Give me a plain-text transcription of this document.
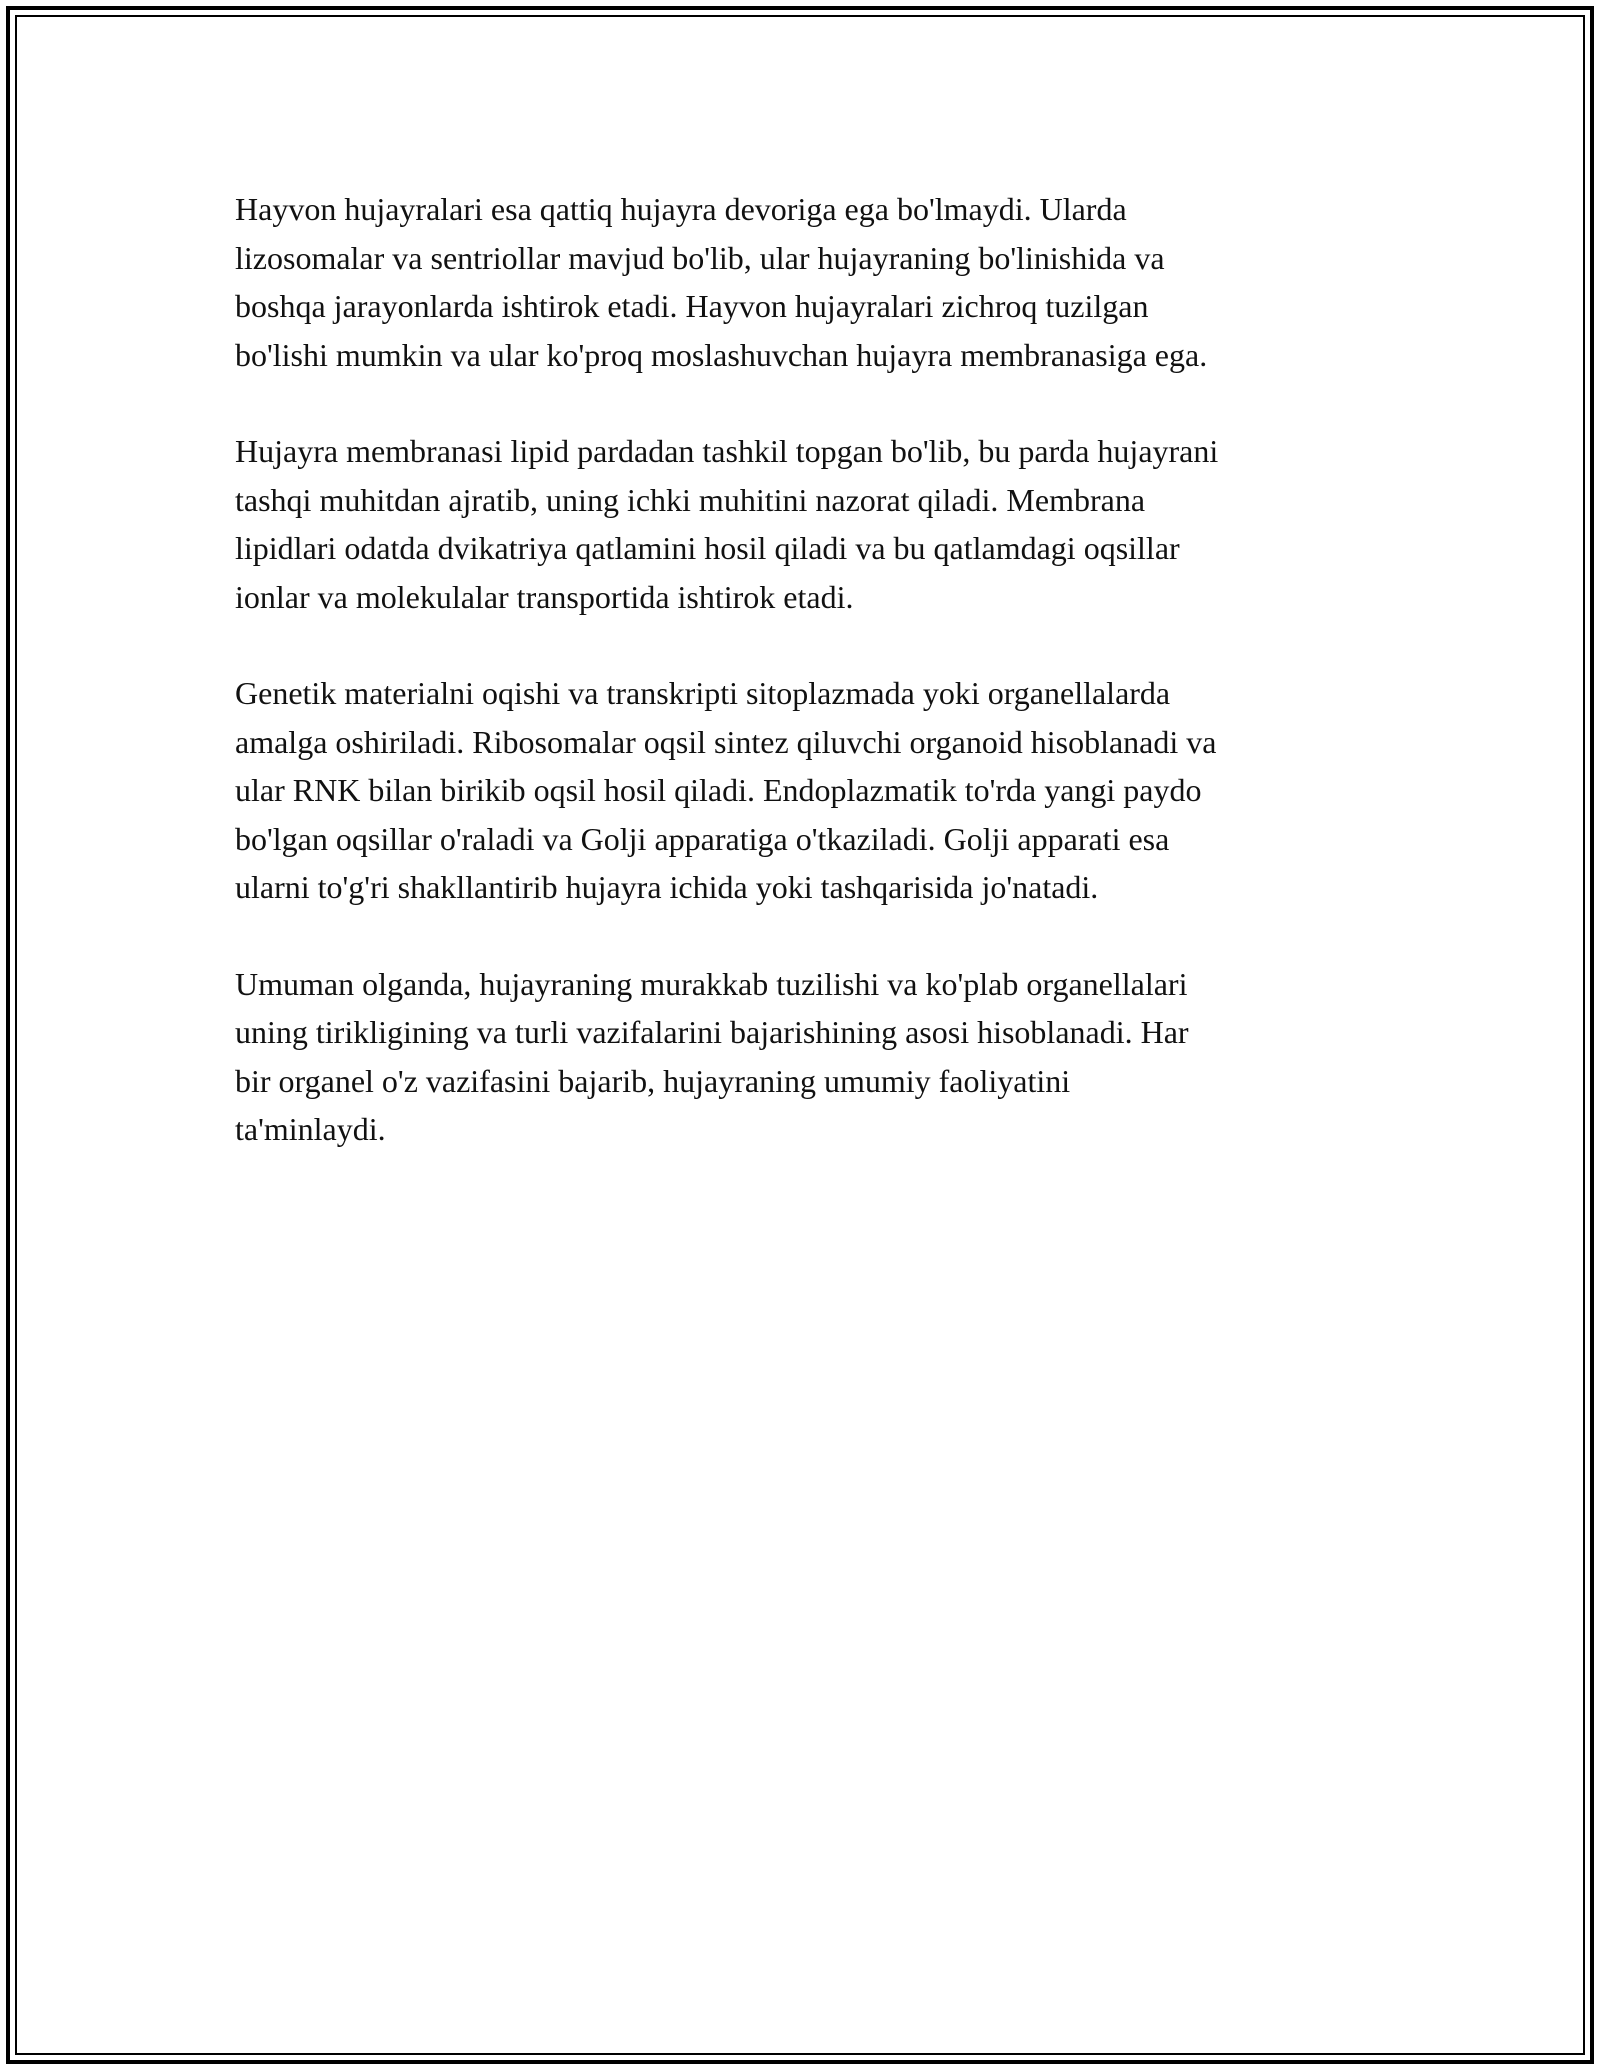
Hayvon hujayralari esa qattiq hujayra devoriga ega bo'lmaydi. Ularda
lizosomalar va sentriollar mavjud bo'lib, ular hujayraning bo'linishida va
boshqa jarayonlarda ishtirok etadi. Hayvon hujayralari zichroq tuzilgan
bo'lishi mumkin va ular ko'proq moslashuvchan hujayra membranasiga ega.

Hujayra membranasi lipid pardadan tashkil topgan bo'lib, bu parda hujayrani
tashqi muhitdan ajratib, uning ichki muhitini nazorat qiladi. Membrana
lipidlari odatda dvikatriya qatlamini hosil qiladi va bu qatlamdagi oqsillar
ionlar va molekulalar transportida ishtirok etadi.

Genetik materialni oqishi va transkripti sitoplazmada yoki organellalarda
amalga oshiriladi. Ribosomalar oqsil sintez qiluvchi organoid hisoblanadi va
ular RNK bilan birikib oqsil hosil qiladi. Endoplazmatik to'rda yangi paydo
bo'lgan oqsillar o'raladi va Golji apparatiga o'tkaziladi. Golji apparati esa
ularni to'g'ri shakllantirib hujayra ichida yoki tashqarisida jo'natadi.

Umuman olganda, hujayraning murakkab tuzilishi va ko'plab organellalari
uning tirikligining va turli vazifalarini bajarishining asosi hisoblanadi. Har
bir organel o'z vazifasini bajarib, hujayraning umumiy faoliyatini
ta'minlaydi.
